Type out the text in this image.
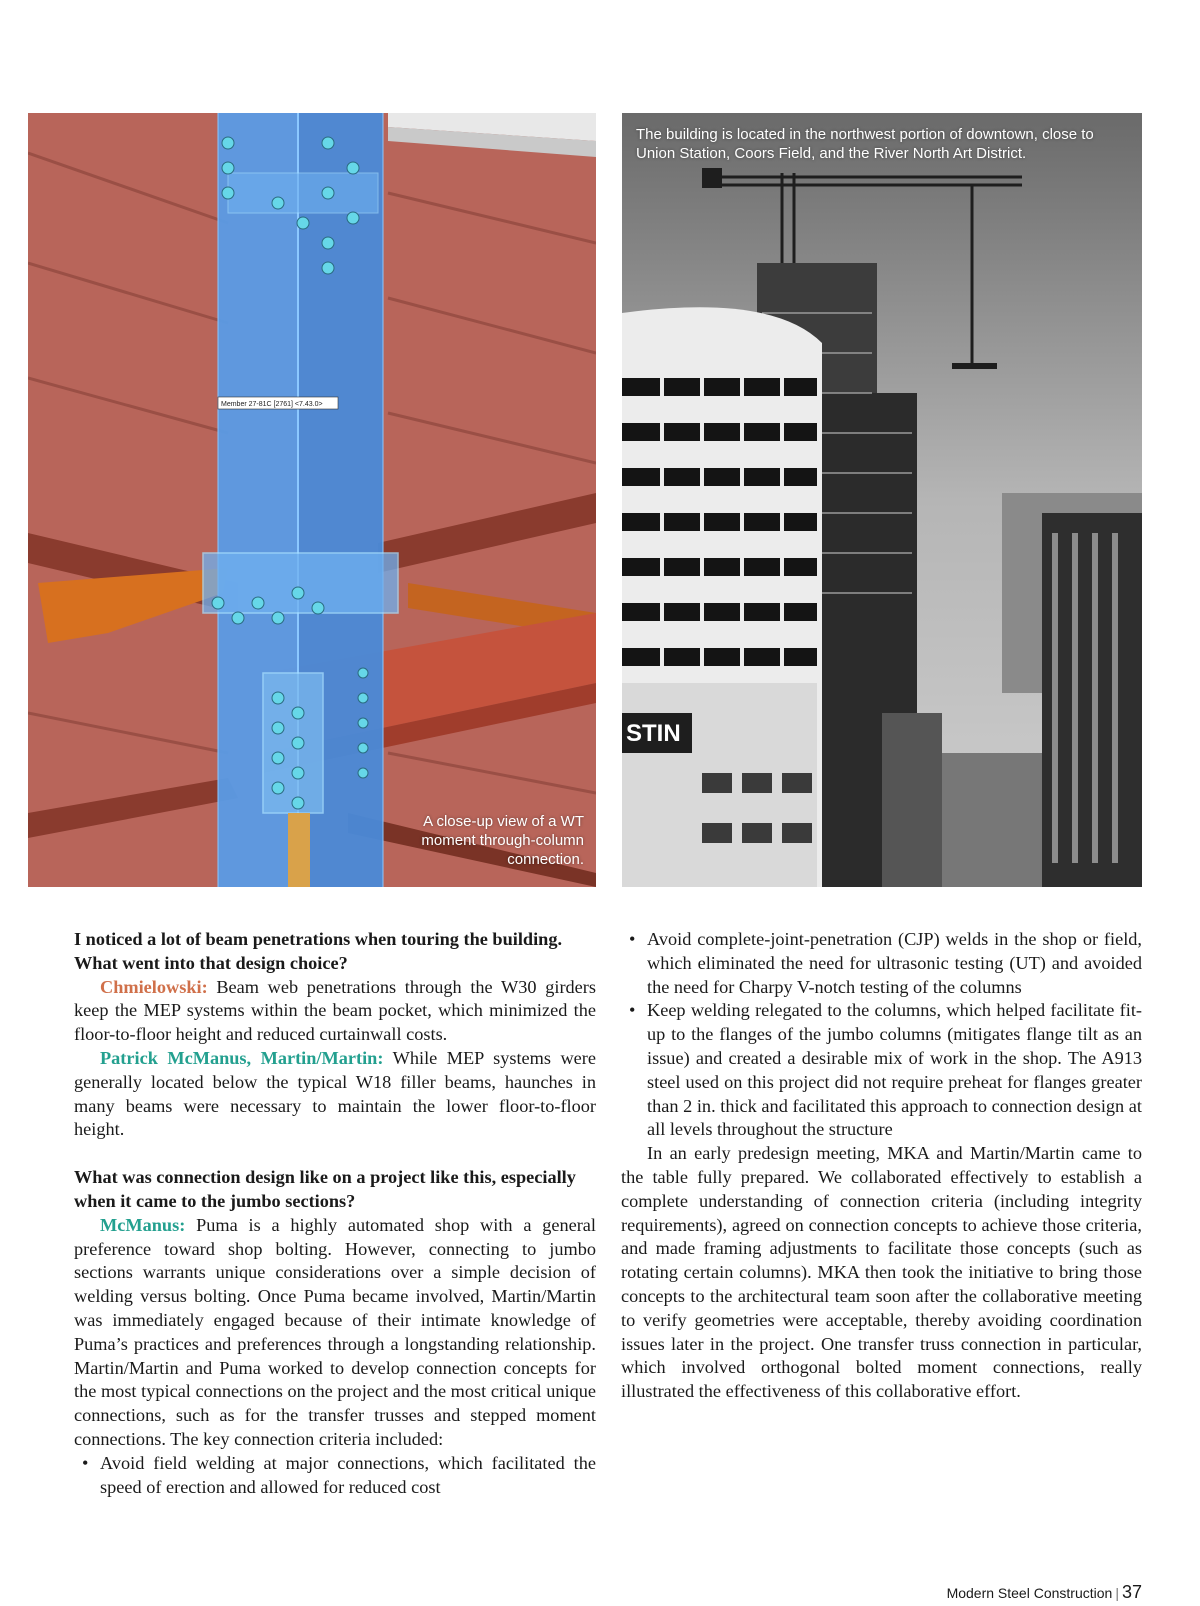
Member 27-81C [2761] <7.43.0>
A close-up view of a WT moment through-column connection.
STIN
The building is located in the northwest portion of downtown, close to Union Station, Coors Field, and the River North Art District.

I noticed a lot of beam penetrations when touring the building. What went into that design choice?

Chmielowski: Beam web penetrations through the W30 girders keep the MEP systems within the beam pocket, which minimized the floor-to-floor height and reduced curtainwall costs.

Patrick McManus, Martin/Martin: While MEP systems were generally located below the typical W18 filler beams, haunches in many beams were necessary to maintain the lower floor-to-floor height.

What was connection design like on a project like this, especially when it came to the jumbo sections?

McManus: Puma is a highly automated shop with a general preference toward shop bolting. However, connecting to jumbo sections warrants unique considerations over a simple decision of welding versus bolting. Once Puma became involved, Martin/Martin was immediately engaged because of their intimate knowledge of Puma’s practices and preferences through a longstanding relationship. Martin/Martin and Puma worked to develop connection concepts for the most typical connections on the project and the most critical unique connections, such as for the transfer trusses and stepped moment connections. The key connection criteria included:

• Avoid field welding at major connections, which facilitated the speed of erection and allowed for reduced cost

• Avoid complete-joint-penetration (CJP) welds in the shop or field, which eliminated the need for ultrasonic testing (UT) and avoided the need for Charpy V-notch testing of the columns

• Keep welding relegated to the columns, which helped facilitate fit-up to the flanges of the jumbo columns (mitigates flange tilt as an issue) and created a desirable mix of work in the shop. The A913 steel used on this project did not require preheat for flanges greater than 2 in. thick and facilitated this approach to connection design at all levels throughout the structure

In an early predesign meeting, MKA and Martin/Martin came to the table fully prepared. We collaborated effectively to establish a complete understanding of connection criteria (including integrity requirements), agreed on connection concepts to achieve those criteria, and made framing adjustments to facilitate those concepts (such as rotating certain columns). MKA then took the initiative to bring those concepts to the architectural team soon after the collaborative meeting to verify geometries were acceptable, thereby avoiding coordination issues later in the project. One transfer truss connection in particular, which involved orthogonal bolted moment connections, really illustrated the effectiveness of this collaborative effort.

Modern Steel Construction | 37
